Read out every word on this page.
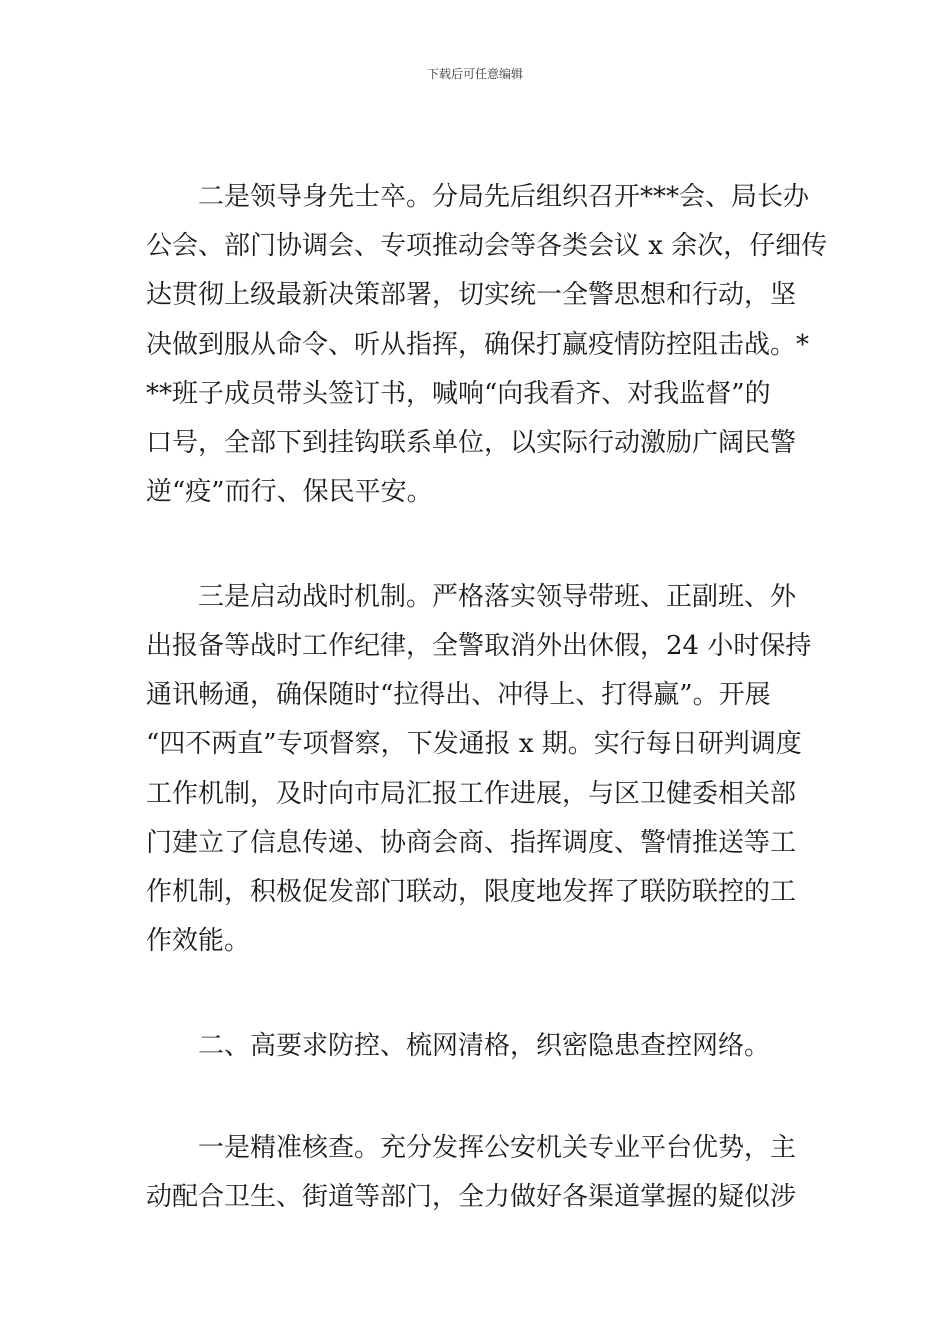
下载后可任意编辑
　　二是领导身先士卒。分局先后组织召开***会、局长办
公会、部门协调会、专项推动会等各类会议 x 余次，仔细传
达贯彻上级最新决策部署，切实统一全警思想和行动，坚
决做到服从命令、听从指挥，确保打赢疫情防控阻击战。*
**班子成员带头签订书，喊响“向我看齐、对我监督”的
口号，全部下到挂钩联系单位，以实际行动激励广阔民警
逆“疫”而行、保民平安。
　　三是启动战时机制。严格落实领导带班、正副班、外
出报备等战时工作纪律，全警取消外出休假，24 小时保持
通讯畅通，确保随时“拉得出、冲得上、打得赢”。开展
“四不两直”专项督察，下发通报 x 期。实行每日研判调度
工作机制，及时向市局汇报工作进展，与区卫健委相关部
门建立了信息传递、协商会商、指挥调度、警情推送等工
作机制，积极促发部门联动，限度地发挥了联防联控的工
作效能。
　　二、高要求防控、梳网清格，织密隐患查控网络。
　　一是精准核查。充分发挥公安机关专业平台优势，主
动配合卫生、街道等部门，全力做好各渠道掌握的疑似涉
